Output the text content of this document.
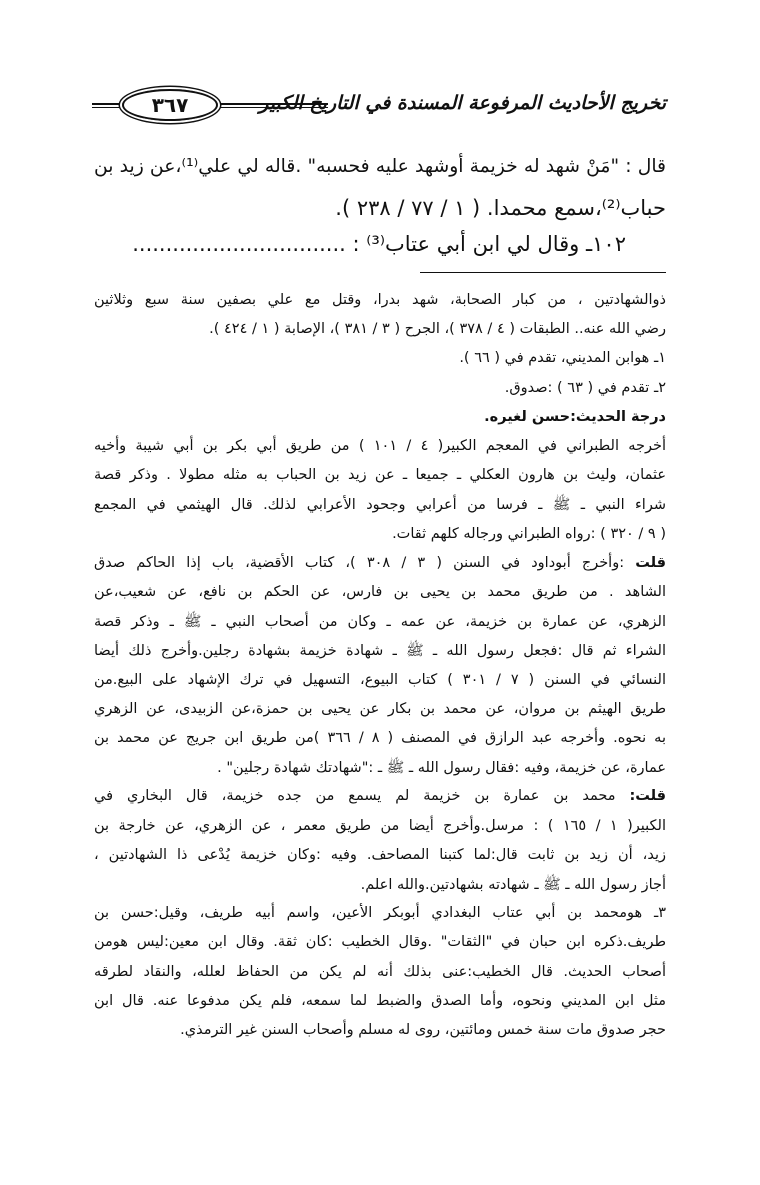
٣٦٧	تخريج الأحاديث المرفوعة المسندة في التاريخ الكبير
قال : "مَنْ شهد له خزيمة أوشهد عليه فحسبه" .قاله لي علي⁽¹⁾،عن زيد بن
حباب⁽²⁾،سمع محمدا. ( ١ / ٧٧ / ٢٣٨ ).
١٠٢ـ وقال لي ابن أبي عتاب⁽³⁾ : ................................
ذوالشهادتين ، من كبار الصحابة، شهد بدرا، وقتل مع علي بصفين سنة سبع وثلاثين
رضي الله عنه.. الطبقات ( ٤ / ٣٧٨ )، الجرح ( ٣ / ٣٨١ )، الإصابة ( ١ / ٤٢٤ ).
١ـ هوابن المديني، تقدم في ( ٦٦ ).
٢ـ تقدم في ( ٦٣ ) :صدوق.
درجة الحديث:حسن لغيره.
أخرجه الطبراني في المعجم الكبير( ٤ / ١٠١ ) من طريق أبي بكر بن أبي شيبة وأخيه
عثمان، وليث بن هارون العكلي ـ جميعا ـ عن زيد بن الحباب به مثله مطولا . وذكر قصة
شراء النبي ـ ﷺ ـ فرسا من أعرابي وجحود الأعرابي لذلك. قال الهيثمي في المجمع
( ٩ / ٣٢٠ ) :رواه الطبراني ورجاله كلهم ثقات.
قلت :وأخرج أبوداود في السنن ( ٣ / ٣٠٨ )، كتاب الأقضية، باب إذا الحاكم صدق
الشاهد . من طريق محمد بن يحيى بن فارس، عن الحكم بن نافع، عن شعيب،عن
الزهري، عن عمارة بن خزيمة، عن عمه ـ وكان من أصحاب النبي ـ ﷺ ـ وذكر قصة
الشراء ثم قال :فجعل رسول الله ـ ﷺ ـ شهادة خزيمة بشهادة رجلين.وأخرج ذلك أيضا
النسائي في السنن ( ٧ / ٣٠١ ) كتاب البيوع، التسهيل في ترك الإشهاد على البيع.من
طريق الهيثم بن مروان، عن محمد بن بكار عن يحيى بن حمزة،عن الزبيدى، عن الزهري
به نحوه. وأخرجه عبد الرازق في المصنف ( ٨ / ٣٦٦ )من طريق ابن جريج عن محمد بن
عمارة، عن خزيمة، وفيه :فقال رسول الله ـ ﷺ ـ :"شهادتك شهادة رجلين" .
قلت: محمد بن عمارة بن خزيمة لم يسمع من جده خزيمة، قال البخاري في
الكبير( ١ / ١٦٥ ) : مرسل.وأخرج أيضا من طريق معمر ، عن الزهري، عن خارجة بن
زيد، أن زيد بن ثابت قال:لما كتبنا المصاحف. وفيه :وكان خزيمة يُدْعى ذا الشهادتين ،
أجاز رسول الله ـ ﷺ ـ شهادته بشهادتين.والله اعلم.
٣ـ هومحمد بن أبي عتاب البغدادي أبوبكر الأعين، واسم أبيه طريف، وقيل:حسن بن
طريف.ذكره ابن حبان في "الثقات" .وقال الخطيب :كان ثقة. وقال ابن معين:ليس هومن
أصحاب الحديث. قال الخطيب:عنى بذلك أنه لم يكن من الحفاظ لعلله، والنقاد لطرقه
مثل ابن المديني ونحوه، وأما الصدق والضبط لما سمعه، فلم يكن مدفوعا عنه. قال ابن
حجر صدوق مات سنة خمس ومائتين، روى له مسلم وأصحاب السنن غير الترمذي.
